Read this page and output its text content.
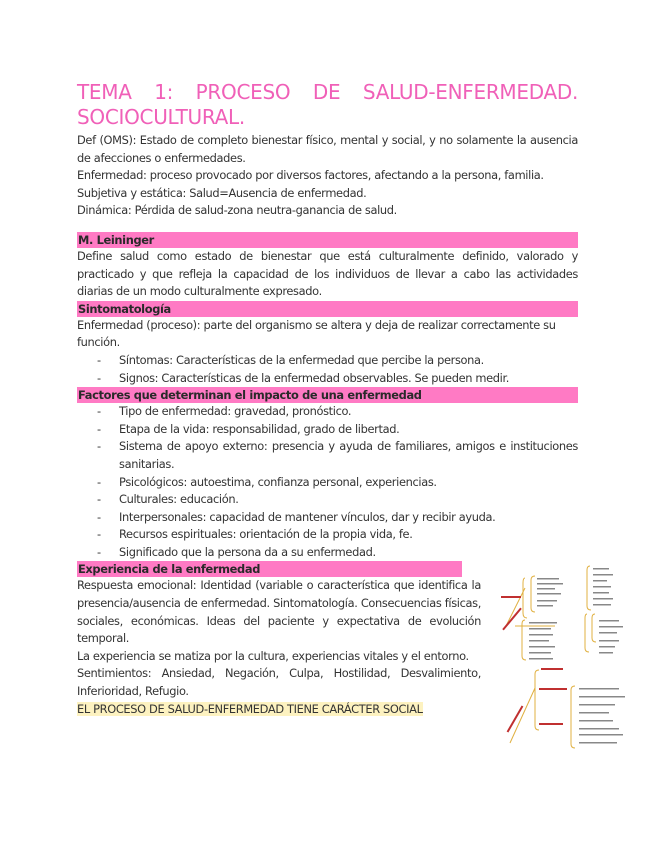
TEMA 1: PROCESO DE SALUD-ENFERMEDAD.
SOCIOCULTURAL.

Def (OMS): Estado de completo bienestar físico, mental y social, y no solamente la ausencia de afecciones o enfermedades.

Enfermedad: proceso provocado por diversos factores, afectando a la persona, familia.

Subjetiva y estática: Salud=Ausencia de enfermedad.

Dinámica: Pérdida de salud-zona neutra-ganancia de salud.

M. Leininger

Define salud como estado de bienestar que está culturalmente definido, valorado y practicado y que refleja la capacidad de los individuos de llevar a cabo las actividades diarias de un modo culturalmente expresado.

Sintomatología

Enfermedad (proceso): parte del organismo se altera y deja de realizar correctamente su función.

- Síntomas: Características de la enfermedad que percibe la persona.
- Signos: Características de la enfermedad observables. Se pueden medir.

Factores que determinan el impacto de una enfermedad

- Tipo de enfermedad: gravedad, pronóstico.
- Etapa de la vida: responsabilidad, grado de libertad.
- Sistema de apoyo externo: presencia y ayuda de familiares, amigos e instituciones sanitarias.
- Psicológicos: autoestima, confianza personal, experiencias.
- Culturales: educación.
- Interpersonales: capacidad de mantener vínculos, dar y recibir ayuda.
- Recursos espirituales: orientación de la propia vida, fe.
- Significado que la persona da a su enfermedad.

Experiencia de la enfermedad

Respuesta emocional: Identidad (variable o característica que identifica la presencia/ausencia de enfermedad. Sintomatología. Consecuencias físicas, sociales, económicas. Ideas del paciente y expectativa de evolución temporal.

La experiencia se matiza por la cultura, experiencias vitales y el entorno.

Sentimientos: Ansiedad, Negación, Culpa, Hostilidad, Desvalimiento, Inferioridad, Refugio.

EL PROCESO DE SALUD-ENFERMEDAD TIENE CARÁCTER SOCIAL
